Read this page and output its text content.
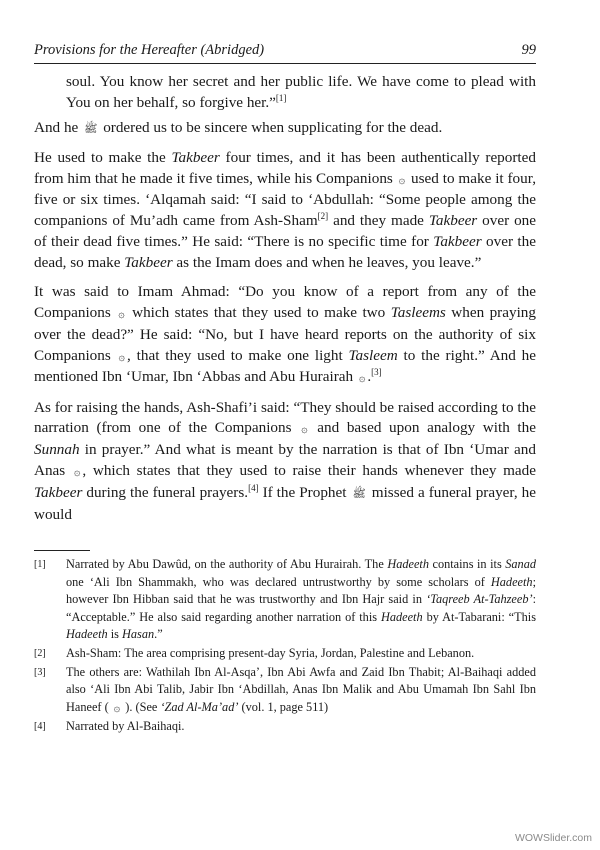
Provisions for the Hereafter (Abridged)	99

soul. You know her secret and her public life. We have come to plead with You on her behalf, so forgive her.”[1]

And he ﷺ ordered us to be sincere when supplicating for the dead.

He used to make the Takbeer four times, and it has been authentically reported from him that he made it five times, while his Companions ۞ used to make it four, five or six times. ‘Alqamah said: “I said to ‘Abdullah: “Some people among the companions of Mu’adh came from Ash-Sham[2] and they made Takbeer over one of their dead five times.” He said: “There is no specific time for Takbeer over the dead, so make Takbeer as the Imam does and when he leaves, you leave.”

It was said to Imam Ahmad: “Do you know of a report from any of the Companions ۞ which states that they used to make two Tasleems when praying over the dead?” He said: “No, but I have heard reports on the authority of six Companions ۞ , that they used to make one light Tasleem to the right.” And he mentioned Ibn ‘Umar, Ibn ‘Abbas and Abu Hurairah ۞ .[3]

As for raising the hands, Ash-Shafi’i said: “They should be raised according to the narration (from one of the Companions ۞ and based upon analogy with the Sunnah in prayer.” And what is meant by the narration is that of Ibn ‘Umar and Anas ۞ , which states that they used to raise their hands whenever they made Takbeer during the funeral prayers.[4] If the Prophet ﷺ missed a funeral prayer, he would

[1] Narrated by Abu Dawûd, on the authority of Abu Hurairah. The Hadeeth contains in its Sanad one ‘Ali Ibn Shammakh, who was declared untrustworthy by some scholars of Hadeeth; however Ibn Hibban said that he was trustworthy and Ibn Hajr said in ‘Taqreeb At-Tahzeeb’: “Acceptable.” He also said regarding another narration of this Hadeeth by At-Tabarani: “This Hadeeth is Hasan.”
[2] Ash-Sham: The area comprising present-day Syria, Jordan, Palestine and Lebanon.
[3] The others are: Wathilah Ibn Al-Asqa’, Ibn Abi Awfa and Zaid Ibn Thabit; Al-Baihaqi added also ‘Ali Ibn Abi Talib, Jabir Ibn ‘Abdillah, Anas Ibn Malik and Abu Umamah Ibn Sahl Ibn Haneef ( ۞ ). (See ‘Zad Al-Ma’ad’ (vol. 1, page 511)
[4] Narrated by Al-Baihaqi.
WOWSlider.com
